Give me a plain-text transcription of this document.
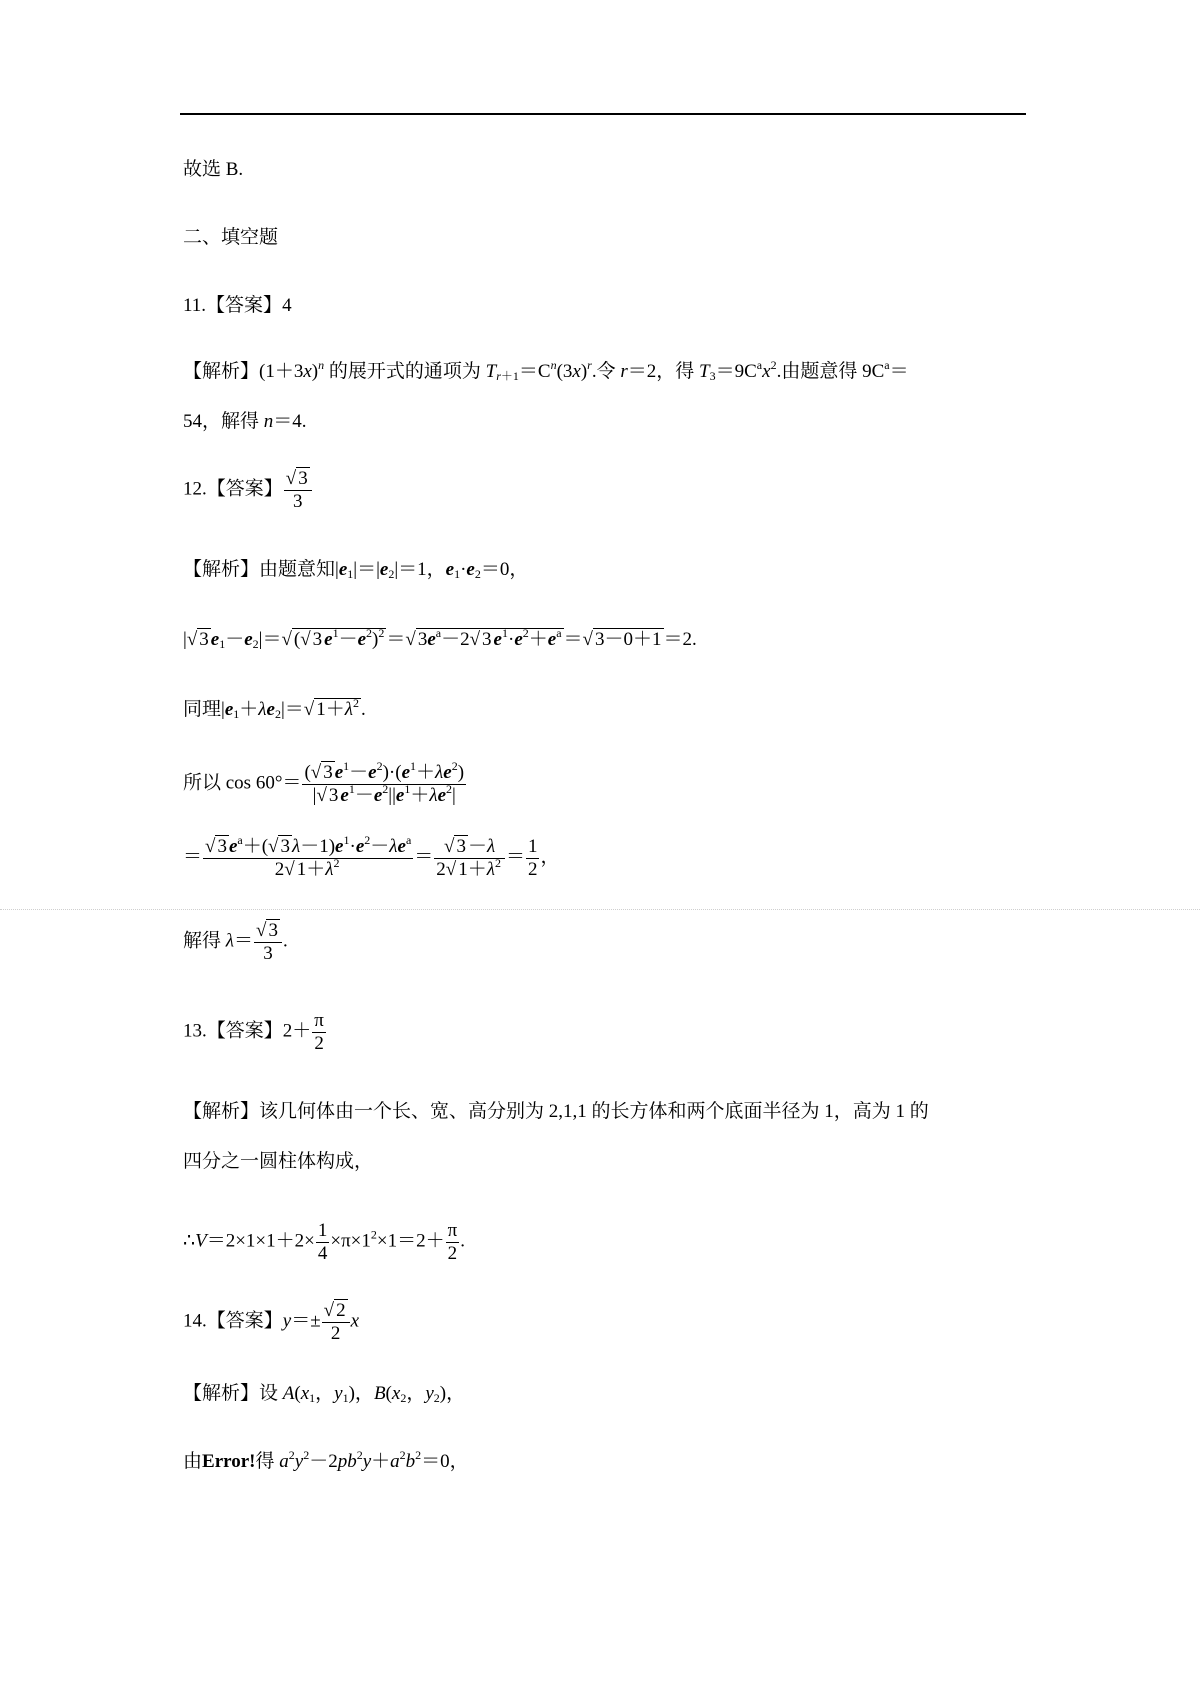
故选 B.
二、填空题
11.【答案】4
【解析】$(1+3x)^n$ 的展开式的通项为 $T_{r+1}=C^n(3x)^r$.令 r＝2，得 $T_3=9C^ax^2$.由题意得 $9C^a=$
54，解得 n＝4.
12.【答案】 $\frac{√ 3}{3}$
【解析】由题意知$|e_1|=|e_2|=1$，$e_1\cdot e_2=0$，
|√ 3 $e_1-e_2|=√$ (√ 3 $e^1-e^2)^2$ ＝√ $3e^a-2√$ 3 $e^1\cdot e^2+e^a$ ＝√ 3－0＋1 ＝2.
同理$|e_1+\lambda e_2|=√$ $1+\lambda^2$ .
所以 $\cos 60^\circ= \frac{(√ 3 e^1-e^2)\cdot(e^1+\lambda e^2)}{|√ 3 e^1-e^2||e^1+\lambda e^2|}$
＝
√ 3 $e^a+(√$ 3 $\lambda-1)e^1\cdot e^2-\lambda e^a$
2√ $1+\lambda^2$	＝ $\frac{√ 3 -\lambda}{2√ 1+\lambda^2} = \frac{1}{2}$ ，
解得 $\lambda= \frac{√ 3}{3}$ .
13.【答案】$2+ \frac{\pi}{2}$
【解析】该几何体由一个长、宽、高分别为 2,1,1 的长方体和两个底面半径为 1，高为 1 的
四分之一圆柱体构成，
∴V＝2×1×1＋2× $\frac{1}{4} \times\pi\times 1^2\times 1=2+ \frac{\pi}{2}$ .
14.【答案】$y=\pm \frac{√ 2}{2}$ x
【解析】设 $A(x_1$，$y_1$)，$B(x_2$，$y_2$)，
由Error!得 $a^2y^2-2pb^2y+a^2b^2=0$，
